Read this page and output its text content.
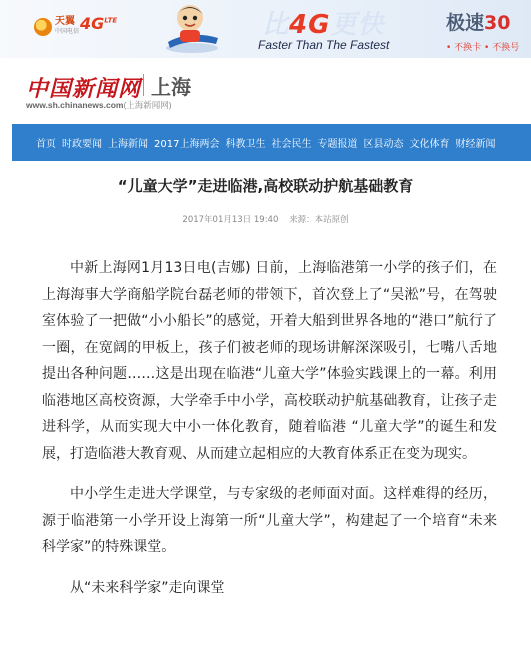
天翼
中国电信 $4G^{LTE}$	比4G更快	极速30
Faster Than The Fastest	• 不换卡 • 不换号
中国新闻网 上海
www.sh.chinanews.com(上海新闻网)
首页 时政要闻 上海新闻 2017上海两会 科教卫生 社会民生 专题报道 区县动态 文化体育 财经新闻
“儿童大学”走进临港,高校联动护航基础教育
2017年01月13日 19:40 来源：本站原创

中新上海网1月13日电(吉娜) 日前，上海临港第一小学的孩子们，在上海海事大学商船学院台磊老师的带领下，首次登上了“吴淞”号，在驾驶室体验了一把做“小小船长”的感觉，开着大船到世界各地的“港口”航行了一圈，在宽阔的甲板上，孩子们被老师的现场讲解深深吸引，七嘴八舌地提出各种问题……这是出现在临港“儿童大学”体验实践课上的一幕。利用临港地区高校资源，大学牵手中小学，高校联动护航基础教育，让孩子走进科学，从而实现大中小一体化教育，随着临港 “儿童大学”的诞生和发展，打造临港大教育观、从而建立起相应的大教育体系正在变为现实。

中小学生走进大学课堂，与专家级的老师面对面。这样难得的经历，源于临港第一小学开设上海第一所“儿童大学”，构建起了一个培育“未来科学家”的特殊课堂。

从“未来科学家”走向课堂
